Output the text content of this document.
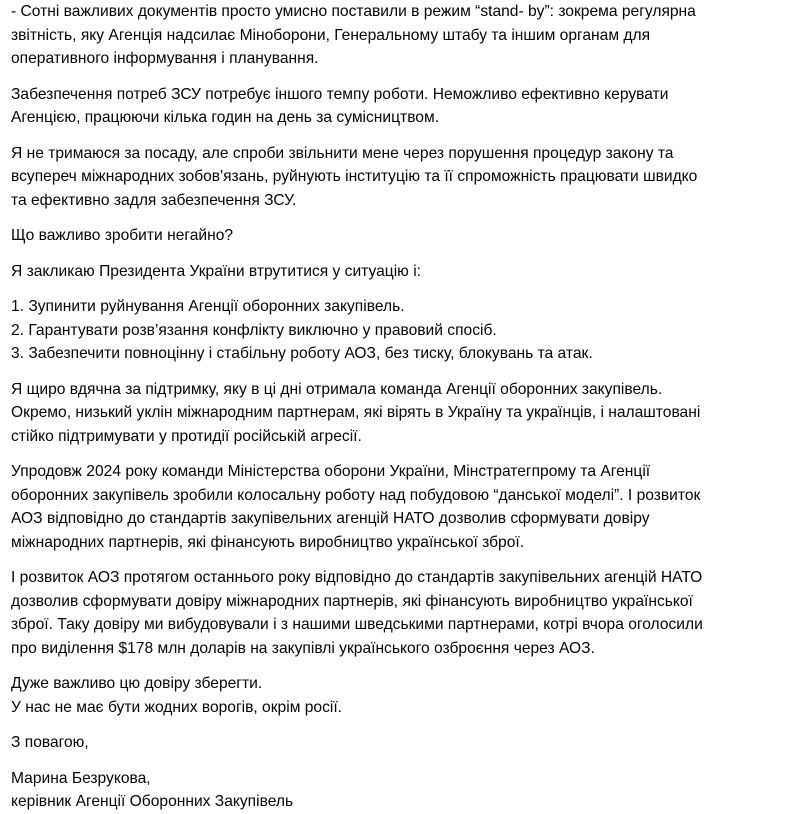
- Сотні важливих документів просто умисно поставили в режим “stand- by”: зокрема регулярна
звітність, яку Агенція надсилає Міноборони, Генеральному штабу та іншим органам для
оперативного інформування і планування.
Забезпечення потреб ЗСУ потребує іншого темпу роботи. Неможливо ефективно керувати
Агенцією, працюючи кілька годин на день за сумісництвом.
Я не тримаюся за посаду, але спроби звільнити мене через порушення процедур закону та
всупереч міжнародних зобов'язань, руйнують інституцію та її спроможність працювати швидко
та ефективно задля забезпечення ЗСУ.
Що важливо зробити негайно?
Я закликаю Президента України втрутитися у ситуацію і:
1. Зупинити руйнування Агенції оборонних закупівель.
2. Гарантувати розв’язання конфлікту виключно у правовий спосіб.
3. Забезпечити повноцінну і стабільну роботу АОЗ, без тиску, блокувань та атак.
Я щиро вдячна за підтримку, яку в ці дні отримала команда Агенції оборонних закупівель.
Окремо, низький уклін міжнародним партнерам, які вірять в Україну та українців, і налаштовані
стійко підтримувати у протидії російській агресії.
Упродовж 2024 року команди Міністерства оборони України, Мінстратегпрому та Агенції
оборонних закупівель зробили колосальну роботу над побудовою “данської моделі”. І розвиток
АОЗ відповідно до стандартів закупівельних агенцій НАТО дозволив сформувати довіру
міжнародних партнерів, які фінансують виробництво української зброї.
І розвиток АОЗ протягом останнього року відповідно до стандартів закупівельних агенцій НАТО
дозволив сформувати довіру міжнародних партнерів, які фінансують виробництво української
зброї. Таку довіру ми вибудовували і з нашими шведськими партнерами, котрі вчора оголосили
про виділення $178 млн доларів на закупівлі українського озброєння через АОЗ.
Дуже важливо цю довіру зберегти.
У нас не має бути жодних ворогів, окрім росії.
З повагою,
Марина Безрукова,
керівник Агенції Оборонних Закупівель
